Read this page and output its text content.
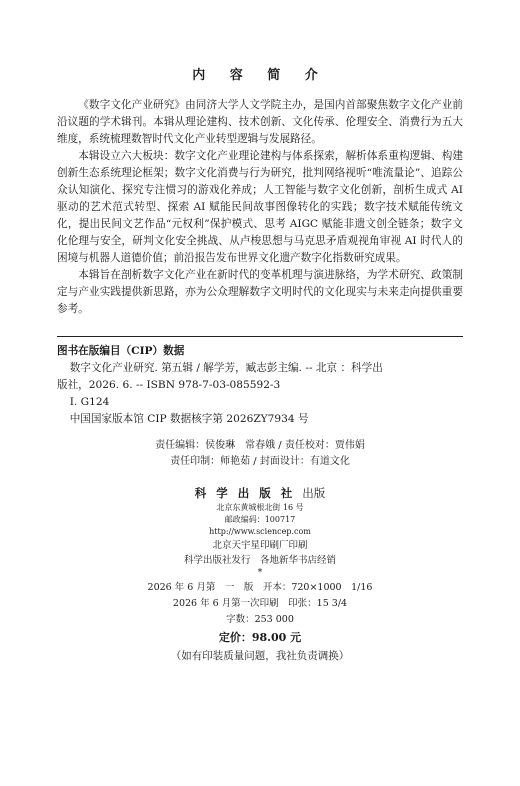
内 容 简 介

《数字文化产业研究》由同济大学人文学院主办，是国内首部聚焦数字文化产业前沿议题的学术辑刊。本辑从理论建构、技术创新、文化传承、伦理安全、消费行为五大维度，系统梳理数智时代文化产业转型逻辑与发展路径。

本辑设立六大板块：数字文化产业理论建构与体系探索，解析体系重构逻辑、构建创新生态系统理论框架；数字文化消费与行为研究，批判网络视听“唯流量论”、追踪公众认知演化、探究专注惯习的游戏化养成；人工智能与数字文化创新，剖析生成式 AI 驱动的艺术范式转型、探索 AI 赋能民间故事图像转化的实践；数字技术赋能传统文化，提出民间文艺作品“元权利”保护模式、思考 AIGC 赋能非遗文创全链条；数字文化伦理与安全，研判文化安全挑战、从卢梭思想与马克思矛盾观视角审视 AI 时代人的困境与机器人道德价值；前沿报告发布世界文化遗产数字化指数研究成果。

本辑旨在剖析数字文化产业在新时代的变革机理与演进脉络，为学术研究、政策制定与产业实践提供新思路，亦为公众理解数字文明时代的文化现实与未来走向提供重要参考。

图书在版编目（CIP）数据
数字文化产业研究. 第五辑 / 解学芳，臧志彭主编. -- 北京 ：科学出
版社，2026. 6. -- ISBN 978-7-03-085592-3
Ⅰ. G124
中国国家版本馆 CIP 数据核字第 2026ZY7934 号
责任编辑：侯俊琳　常春娥 / 责任校对：贾伟娟
责任印制：师艳茹 / 封面设计：有道文化
科 学 出 版 社 出版
北京东黄城根北街 16 号
邮政编码：100717
http://www.sciencep.com
北京天宇星印刷厂印刷
科学出版社发行　各地新华书店经销
*
2026 年 6 月第　一　版　开本：720×1000　1/16
2026 年 6 月第一次印刷　印张：15 3/4
字数：253 000
定价：98.00 元
（如有印装质量问题，我社负责调换）
